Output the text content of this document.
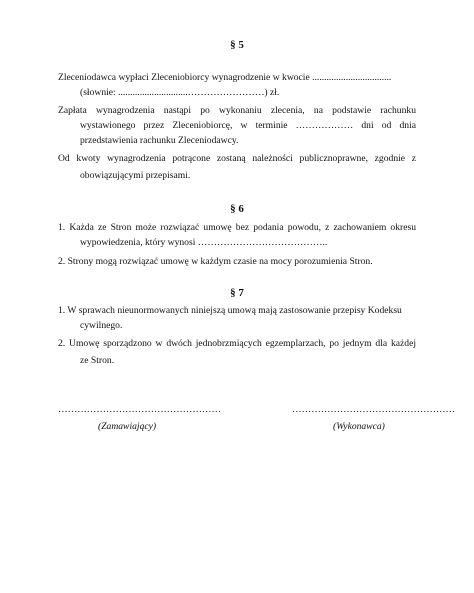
§ 5
Zleceniodawca wypłaci Zleceniobiorcy wynagrodzenie w kwocie .................................
(słownie: .............................……………………) zł.
Zapłata wynagrodzenia nastąpi po wykonaniu zlecenia, na podstawie rachunku
wystawionego przez Zleceniobiorcę, w terminie ……………… dni od dnia
przedstawienia rachunku Zleceniodawcy.
Od kwoty wynagrodzenia potrącone zostaną należności publicznoprawne, zgodnie z
obowiązującymi przepisami.
§ 6
1. Każda ze Stron może rozwiązać umowę bez podania powodu, z zachowaniem okresu
wypowiedzenia, który wynosi …………………………………..
2. Strony mogą rozwiązać umowę w każdym czasie na mocy porozumienia Stron.
§ 7
1. W sprawach nieunormowanych niniejszą umową mają zastosowanie przepisy Kodeksu
cywilnego.
2. Umowę sporządzono w dwóch jednobrzmiących egzemplarzach, po jednym dla każdej
ze Stron.
……………………………………………
(Zamawiający)
……………………………………………
(Wykonawca)
